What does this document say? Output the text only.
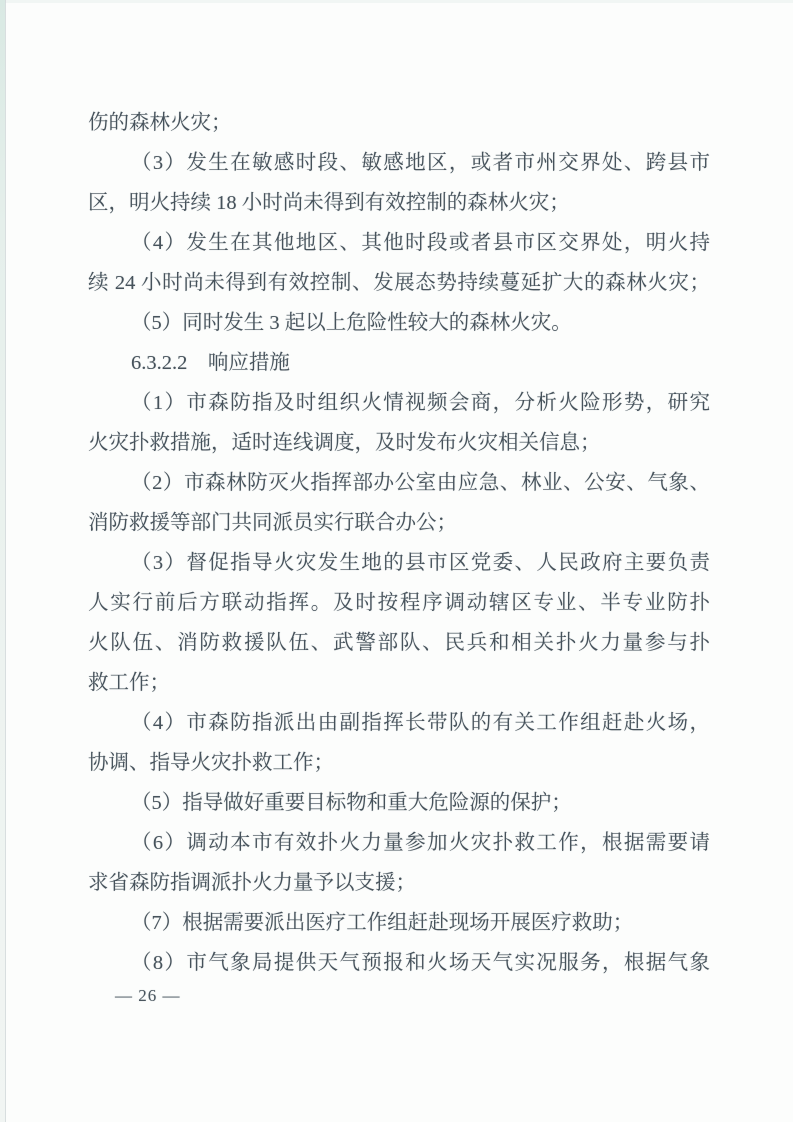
伤的森林火灾；
（3）发生在敏感时段、敏感地区，或者市州交界处、跨县市
区，明火持续 18 小时尚未得到有效控制的森林火灾；
（4）发生在其他地区、其他时段或者县市区交界处，明火持
续 24 小时尚未得到有效控制、发展态势持续蔓延扩大的森林火灾；
（5）同时发生 3 起以上危险性较大的森林火灾。
6.3.2.2　响应措施
（1）市森防指及时组织火情视频会商，分析火险形势，研究
火灾扑救措施，适时连线调度，及时发布火灾相关信息；
（2）市森林防灭火指挥部办公室由应急、林业、公安、气象、
消防救援等部门共同派员实行联合办公；
（3）督促指导火灾发生地的县市区党委、人民政府主要负责
人实行前后方联动指挥。及时按程序调动辖区专业、半专业防扑
火队伍、消防救援队伍、武警部队、民兵和相关扑火力量参与扑
救工作；
（4）市森防指派出由副指挥长带队的有关工作组赶赴火场，
协调、指导火灾扑救工作；
（5）指导做好重要目标物和重大危险源的保护；
（6）调动本市有效扑火力量参加火灾扑救工作，根据需要请
求省森防指调派扑火力量予以支援；
（7）根据需要派出医疗工作组赶赴现场开展医疗救助；
（8）市气象局提供天气预报和火场天气实况服务，根据气象
— 26 —
